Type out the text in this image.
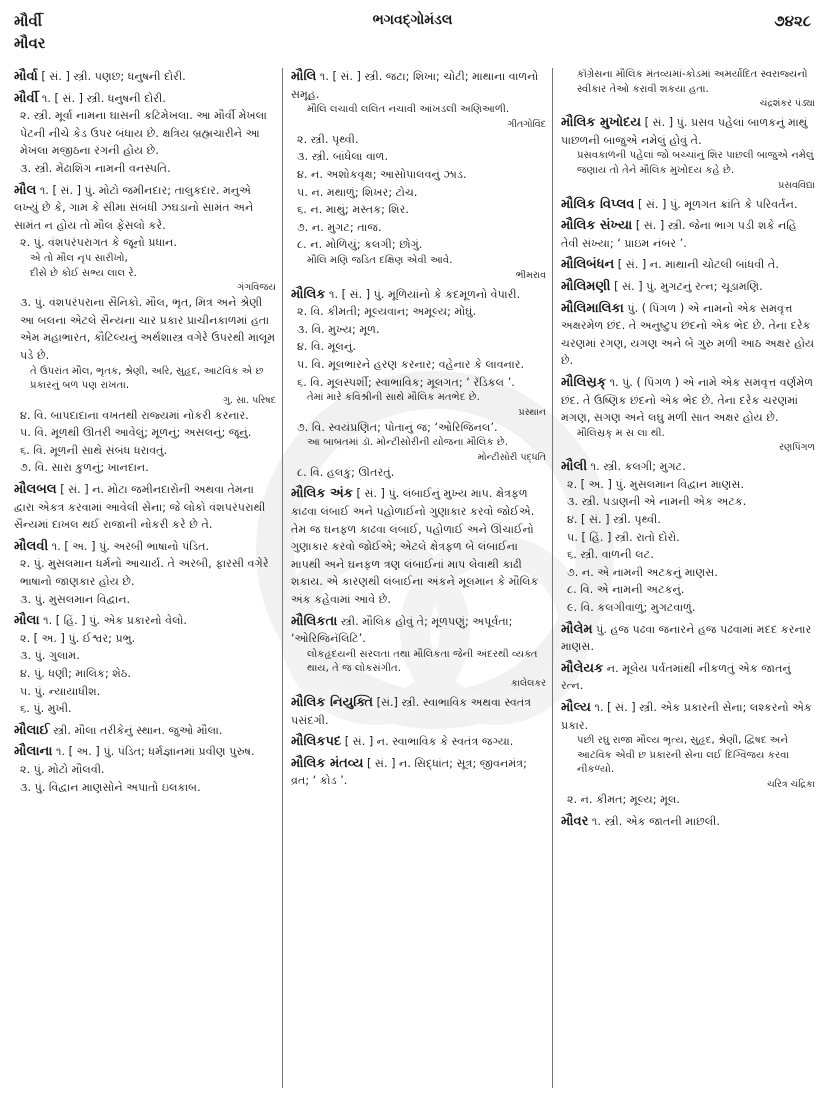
મૌર્વી
મૌવર
ભગવદ્ગોમંડલ	૭૪૨૮
મૌર્વા [ સં. ] સ્ત્રી. પણછ; ધનુષની દોરી.
મૌર્વી ૧. [ સં. ] સ્ત્રી. ધનુષની દોરી.
૨. સ્ત્રી. મૂર્વા નામના ઘાસની કટિમેખલા. આ મૌર્વી મેખલા પેટની નીચે કેડ ઉપર બંધાય છે. ક્ષત્રિય બ્રહ્મચારીને આ મેખલા મજીઠના રંગની હોય છે.
૩. સ્ત્રી. મેંઢાશિંગ નામની વનસ્પતિ.
મૌલ ૧. [ સં. ] પું. મોટો જમીનદાર; તાલુકદાર. મનુએ લખ્યું છે કે, ગામ કે સીમા સંબંધી ઝઘડાનો સામંત અને સામંત ન હોય તો મૌલ ફેંસલો કરે.
૨. પું. વંશપરંપરાગત કે જૂનો પ્રધાન.
એ તો મૌલ નૃપ સારીખો,
દીસે છે કોઈ સભ્ય લાલ રે.
ગંગવિજય
૩. પું. વંશપરંપરાના સૈનિકો. મૌલ, ભૃત, મિત્ર અને શ્રેણી આ બલના એટલે સૈન્યના ચાર પ્રકાર પ્રાચીનકાળમાં હતા એમ મહાભારત, કૌટિલ્યનું અર્થશાસ્ત્ર વગેરે ઉપરથી માલૂમ પડે છે.
તે ઉપરાંત મૌલ, ભૃતક, શ્રેણી, અરિ, સુહૃદ, આટવિક એ છ પ્રકારનું બળ પણ રાખતા.
ગુ. સા. પરિષદ
૪. વિ. બાપદાદાના વખતથી રાજ્યમાં નોકરી કરનાર.
૫. વિ. મૂળથી ઊતરી આવેલું; મૂળનું; અસલનું; જૂનું.
૬. વિ. મૂળની સાથે સંબંધ ધરાવતું.
૭. વિ. સારા કુળનું; ખાનદાન.
મૌલબલ [ સં. ] ન. મોટા જમીનદારોની અથવા તેમના દ્વારા એકત્ર કરવામાં આવેલી સેના; જે લોકો વંશપરંપરાથી સૈન્યમાં દાખલ થઈ રાજાની નોકરી કરે છે તે.
મૌલવી ૧. [ અ. ] પું. અરબી ભાષાનો પંડિત.
૨. પું. મુસલમાન ધર્મનો આચાર્ય. તે અરબી, ફારસી વગેરે ભાષાનો જાણકાર હોય છે.
૩. પું. મુસલમાન વિદ્વાન.
મૌલા ૧. [ હિં. ] પું. એક પ્રકારનો વેલો.
૨. [ અ. ] પું. ઈશ્વર; પ્રભુ.
૩. પું. ગુલામ.
૪. પું. ધણી; માલિક; શેઠ.
૫. પું. ન્યાયાધીશ.
૬. પું. મુખી.
મૌલાઈ સ્ત્રી. મૌલા તરીકેનું સ્થાન. જુઓ મૌલા.
મૌલાના ૧. [ અ. ] પું. પંડિત; ધર્મજ્ઞાનમાં પ્રવીણ પુરુષ.
૨. પું. મોટો મૌલવી.
૩. પું. વિદ્વાન માણસોને અપાતો ઇલકાબ.
મૌલિ ૧. [ સં. ] સ્ત્રી. જટા; શિખા; ચોટી; માથાના વાળનો સમૂહ.
મૌલિ લચાવી લલિત નચાવી આંખડલી અણિઆળી.
ગીતગોવિંદ
૨. સ્ત્રી. પૃથ્વી.
૩. સ્ત્રી. બાંધેલા વાળ.
૪. ન. અશોકવૃક્ષ; આસોપાલવનું ઝાડ.
૫. ન. મથાળું; શિખર; ટોચ.
૬. ન. માથું; મસ્તક; શિર.
૭. ન. મુગટ; તાજ.
૮. ન. મોળિયું; કલગી; છોગું.
મૌલિ મણિ જડિત દક્ષિણ એવી આવે.
ભીમરાવ
મૌલિક ૧. [ સં. ] પું. મૂળિયાંનો કે કંદમૂળનો વેપારી.
૨. વિ. કીમતી; મૂલ્યવાન; અમૂલ્ય; મોંઘું.
૩. વિ. મુખ્ય; મૂળ.
૪. વિ. મૂલનું.
૫. વિ. મૂલભારને હરણ કરનાર; વહેનાર કે લાવનાર.
૬. વિ. મૂલસ્પર્શી; સ્વાભાવિક; મૂલગત; ‘ રૅડિકલ ’.
તેમાં મારે કવિશ્રીની સાથે મૌલિક મતભેદ છે.
પ્રસ્થાન
૭. વિ. સ્વયંપ્રણિત; પોતાનું જ; ‘ઓરિજિનલ’.
આ બાબતમાં ડૉ. મોન્ટીસોરીની યોજના મૌલિક છે.
મોન્ટીસોરી પદ્ધતિ
૮. વિ. હલકું; ઊતરતું.
મૌલિક અંક [ સં. ] પું. લંબાઈનું મુખ્ય માપ. ક્ષેત્રફળ કાઢવા લંબાઈ અને પહોળાઈનો ગુણાકાર કરવો જોઈએ. તેમ જ ઘનફળ કાઢવા લંબાઈ, પહોળાઈ અને ઊંચાઈનો ગુણાકાર કરવો જોઈએ; એટલે ક્ષેત્રફળ બે લંબાઈના માપથી અને ઘનફળ ત્રણ લંબાઈનાં માપ લેવાથી કાઢી શકાય. એ કારણથી લંબાઈના અંકને મૂલમાન કે મૌલિક અંક કહેવામાં આવે છે.
મૌલિકતા સ્ત્રી. મૌલિક હોવું તે; મૂળપણું; અપૂર્વતા; ‘ઓરિજિનૅલિટિ’.
લોકહૃદયની સરલતા તથા મૌલિકતા જેની અંદરથી વ્યક્ત થાય, તે જ લોકસંગીત.
કાલેલકર
મૌલિક નિયુક્તિ [સં.] સ્ત્રી. સ્વાભાવિક અથવા સ્વતંત્ર પસંદગી.
મૌલિકપદ [ સં. ] ન. સ્વાભાવિક કે સ્વતંત્ર જગ્યા.
મૌલિક મંતવ્ય [ સં. ] ન. સિદ્ધાંત; સૂત્ર; જીવનમંત્ર; વ્રત; ‘ કોડ ’.
કૉંગ્રેસના મૌલિક મંતવ્યમાં-કોડમાં અમર્યાદિત સ્વરાજ્યનો સ્વીકાર તેઓ કરાવી શકયા હતા.
ચંદ્રશંકર પંડ્યા
મૌલિક મુખોદય [ સં. ] પું. પ્રસવ પહેલાં બાળકનું માથું પાછળની બાજુએ નમેલું હોવું તે.
પ્રસવકાળની પહેલાં જો બચ્ચાંનું શિર પાછલી બાજુએ નમેલું જણાય તો તેને મૌલિક મુખોદય કહે છે.
પ્રસવવિદ્યા
મૌલિક વિપ્લવ [ સં. ] પું. મૂળગત ક્રાંતિ કે પરિવર્તન.
મૌલિક સંખ્યા [ સં. ] સ્ત્રી. જેના ભાગ પડી શકે નહિ તેવી સંખ્યા; ‘ પ્રાઇમ નંબર ’.
મૌલિબંધન [ સં. ] ન. માથાની ચોટલી બાંધવી તે.
મૌલિમણી [ સં. ] પું. મુગટનું રત્ન; ચૂડામણિ.
મૌલિમાલિકા પું. ( પિંગળ ) એ નામનો એક સમવૃત્ત અક્ષરમેળ છંદ. તે અનુષ્ટુપ છંદનો એક ભેદ છે. તેના દરેક ચરણમાં રગણ, યગણ અને બે ગુરુ મળી આઠ અક્ષર હોય છે.
મૌલિસ્રક્ ૧. પું. ( પિંગળ ) એ નામે એક સમવૃત્ત વર્ણમેળ છંદ. તે ઉષ્ણિક છંદનો એક ભેદ છે. તેના દરેક ચરણમાં મગણ, સગણ અને લઘુ મળી સાત અક્ષર હોય છે.
મૌલિસ્રક્ મ સ લા થી.
રણપિંગળ
મૌલી ૧. સ્ત્રી. કલગી; મુગટ.
૨. [ અ. ] પું. મુસલમાન વિદ્વાન માણસ.
૩. સ્ત્રી. પડાણની એ નામની એક અટક.
૪. [ સં. ] સ્ત્રી. પૃથ્વી.
૫. [ હિં. ] સ્ત્રી. રાતો દોરો.
૬. સ્ત્રી. વાળની લટ.
૭. ન. એ નામની અટકનું માણસ.
૮. વિ. એ નામની અટકનું.
૯. વિ. કલગીવાળું; મુગટવાળું.
મૌલેમ પું. હજ પઢવા જનારને હજ પઢવામાં મદદ કરનાર માણસ.
મૌલેયક ન. મૂલેય પર્વતમાંથી નીકળતું એક જાતનું રત્ન.
મૌલ્ય ૧. [ સં. ] સ્ત્રી. એક પ્રકારની સેના; લશ્કરનો એક પ્રકાર.
પછી રઘુ રાજા મૌલ્ય ભૃત્ય, સુહૃદ, શ્રેણી, દ્વિષદ અને આટવિક એવી છ પ્રકારની સેના લઈ દિગ્વિજય કરવા નીકળ્યો.
ચરિત્ર ચંદ્રિકા
૨. ન. કીમત; મૂલ્ય; મૂલ.
મૌવર ૧. સ્ત્રી. એક જાતની માછલી.
